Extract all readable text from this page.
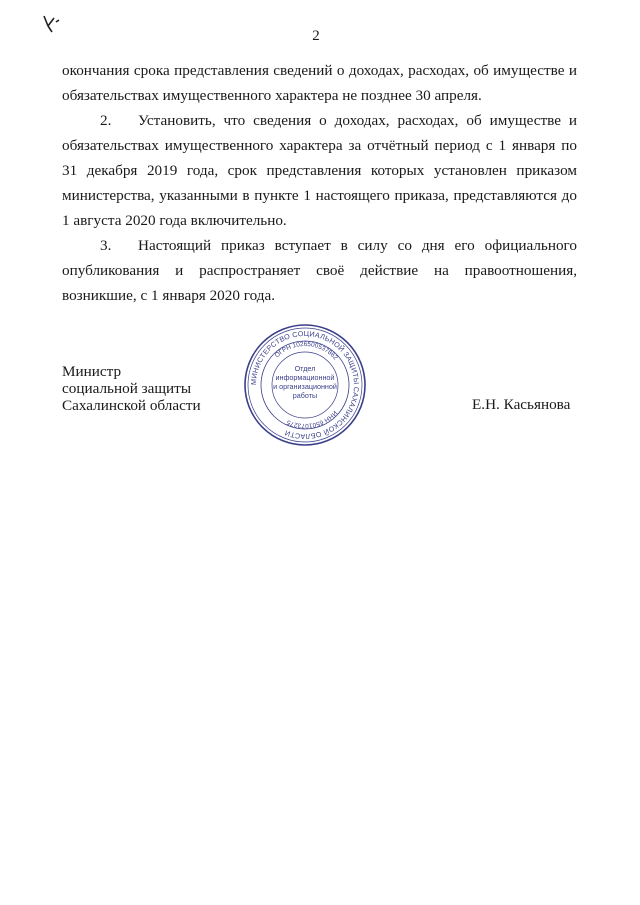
2

окончания срока представления сведений о доходах, расходах, об имуществе и обязательствах имущественного характера не позднее 30 апреля.

2. Установить, что сведения о доходах, расходах, об имуществе и обязательствах имущественного характера за отчётный период с 1 января по 31 декабря 2019 года, срок представления которых установлен приказом министерства, указанными в пункте 1 настоящего приказа, представляются до 1 августа 2020 года включительно.

3. Настоящий приказ вступает в силу со дня его официального опубликования и распространяет своё действие на правоотношения, возникшие, с 1 января 2020 года.

Министр
социальной защиты
Сахалинской области
МИНИСТЕРСТВО СОЦИАЛЬНОЙ ЗАЩИТЫ САХАЛИНСКОЙ ОБЛАСТИ
ОГРН 1026500537862
ИНН 6501073275
Отдел
информационной
и организационной
работы
Е.Н. Касьянова
